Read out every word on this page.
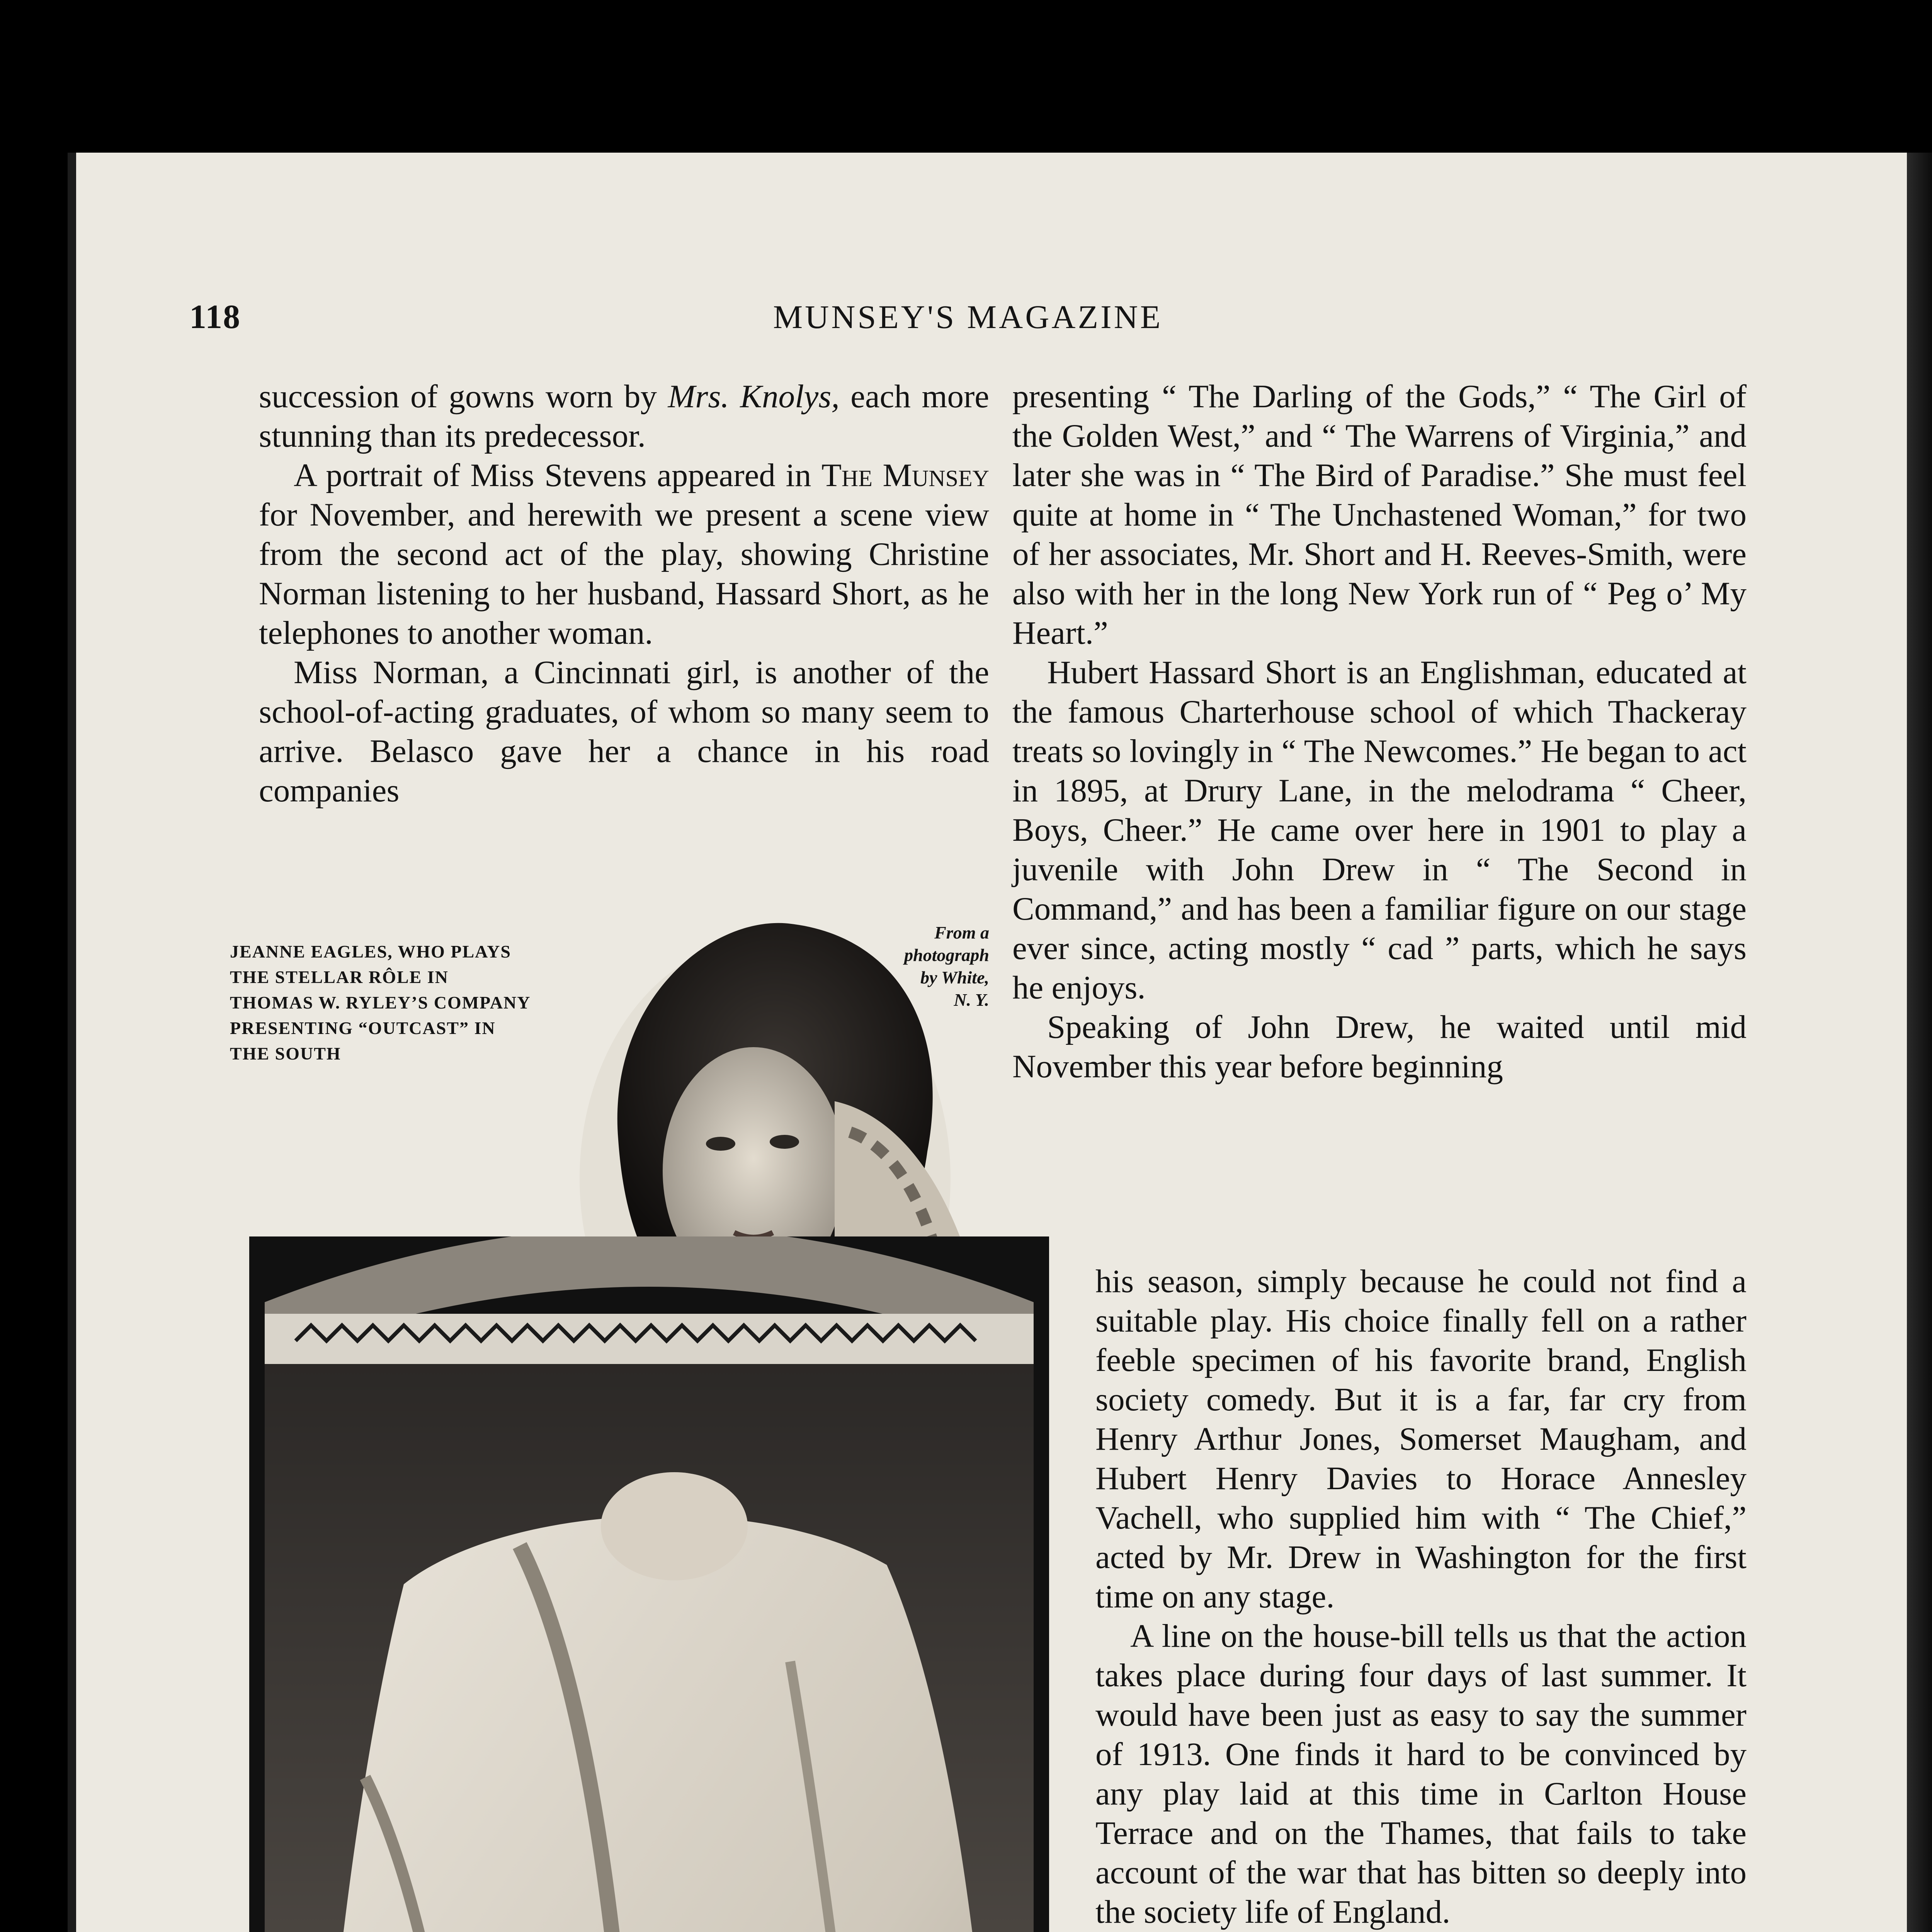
118	MUNSEY'S MAGAZINE

succession of gowns worn by Mrs. Knolys, each more stunning than its predecessor.

A portrait of Miss Stevens appeared in The Munsey for November, and herewith we present a scene view from the second act of the play, showing Christine Norman listening to her husband, Hassard Short, as he telephones to another woman.

Miss Norman, a Cincinnati girl, is another of the school-of-acting graduates, of whom so many seem to arrive. Belasco gave her a chance in his road companies

presenting “ The Darling of the Gods,” “ The Girl of the Golden West,” and “ The Warrens of Virginia,” and later she was in “ The Bird of Paradise.” She must feel quite at home in “ The Unchastened Woman,” for two of her associates, Mr. Short and H. Reeves-Smith, were also with her in the long New York run of “ Peg o’ My Heart.”

Hubert Hassard Short is an Englishman, educated at the famous Charterhouse school of which Thackeray treats so lovingly in “ The Newcomes.” He began to act in 1895, at Drury Lane, in the melodrama “ Cheer, Boys, Cheer.” He came over here in 1901 to play a juvenile with John Drew in “ The Second in Command,” and has been a familiar figure on our stage ever since, acting mostly “ cad ” parts, which he says he enjoys.

Speaking of John Drew, he waited until mid November this year before beginning

his season, simply because he could not find a suitable play. His choice finally fell on a rather feeble specimen of his favorite brand, English society comedy. But it is a far, far cry from Henry Arthur Jones, Somerset Maugham, and Hubert Henry Davies to Horace Annesley Vachell, who supplied him with “ The Chief,” acted by Mr. Drew in Washington for the first time on any stage.

A line on the house-bill tells us that the action takes place during four days of last summer. It would have been just as easy to say the summer of 1913. One finds it hard to be convinced by any play laid at this time in Carlton House Terrace and on the Thames, that fails to take account of the war that has bitten so deeply into the society life of England.

JEANNE EAGLES, WHO PLAYS THE STELLAR RÔLE IN THOMAS W. RYLEY’S COMPANY PRESENTING “OUTCAST” IN THE SOUTH
From a
photograph
by White,
N. Y.
